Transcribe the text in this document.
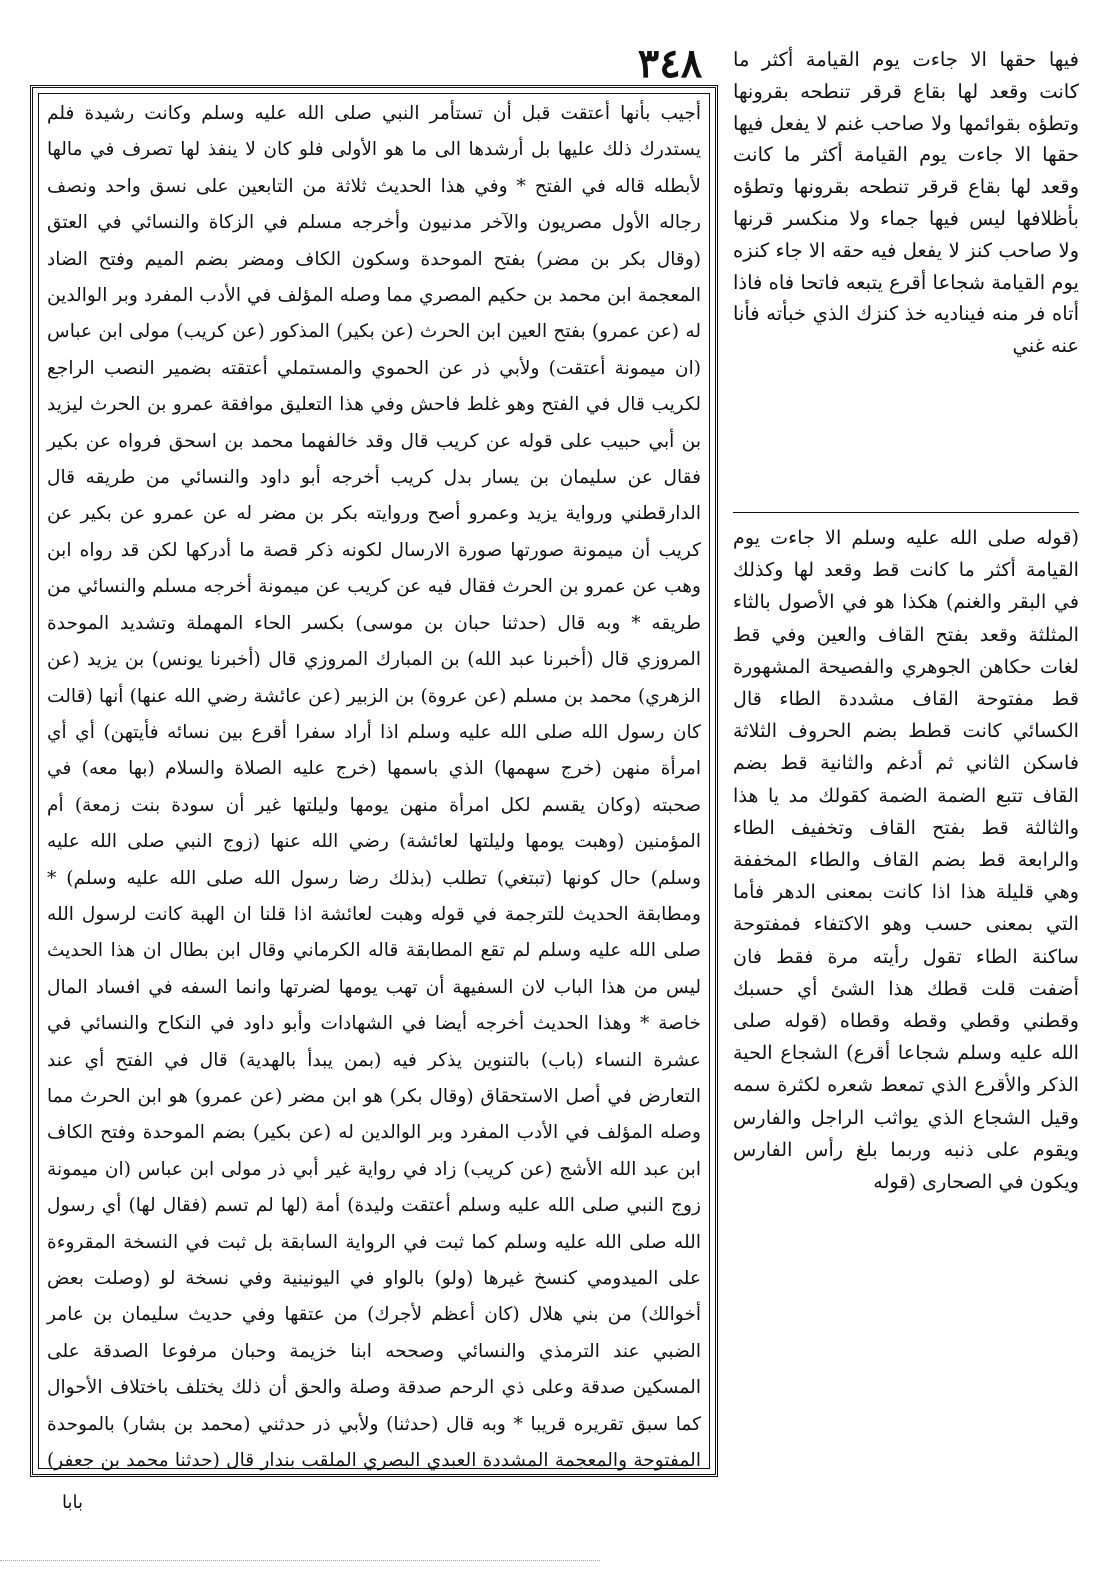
٣٤٨	فيها حقها الا جاءت يوم القيامة أكثر ما كانت وقعد لها بقاع قرقر تنطحه بقرونها وتطؤه بقوائمها ولا صاحب غنم لا يفعل فيها حقها الا جاءت يوم القيامة أكثر ما كانت وقعد لها بقاع قرقر تنطحه بقرونها وتطؤه بأظلافها ليس فيها جماء ولا منكسر قرنها ولا صاحب كنز لا يفعل فيه حقه الا جاء كنزه يوم القيامة شجاعا أقرع يتبعه فاتحا فاه فاذا أتاه فر منه فيناديه خذ كنزك الذي خبأته فأنا عنه غني
(قوله صلى الله عليه وسلم الا جاءت يوم القيامة أكثر ما كانت قط وقعد لها وكذلك في البقر والغنم) هكذا هو في الأصول بالثاء المثلثة وقعد بفتح القاف والعين وفي قط لغات حكاهن الجوهري والفصيحة المشهورة قط مفتوحة القاف مشددة الطاء قال الكسائي كانت قطط بضم الحروف الثلاثة فاسكن الثاني ثم أدغم والثانية قط بضم القاف تتبع الضمة الضمة كقولك مد يا هذا والثالثة قط بفتح القاف وتخفيف الطاء والرابعة قط بضم القاف والطاء المخففة وهي قليلة هذا اذا كانت بمعنى الدهر فأما التي بمعنى حسب وهو الاكتفاء فمفتوحة ساكنة الطاء تقول رأيته مرة فقط فان أضفت قلت قطك هذا الشئ أي حسبك وقطني وقطي وقطه وقطاه (قوله صلى الله عليه وسلم شجاعا أقرع) الشجاع الحية الذكر والأقرع الذي تمعط شعره لكثرة سمه وقيل الشجاع الذي يواثب الراجل والفارس ويقوم على ذنبه وربما بلغ رأس الفارس ويكون في الصحارى (قوله

أجيب بأنها أعتقت قبل أن تستأمر النبي صلى الله عليه وسلم وكانت رشيدة فلم يستدرك ذلك عليها بل أرشدها الى ما هو الأولى فلو كان لا ينفذ لها تصرف في مالها لأبطله قاله في الفتح * وفي هذا الحديث ثلاثة من التابعين على نسق واحد ونصف رجاله الأول مصريون والآخر مدنيون وأخرجه مسلم في الزكاة والنسائي في العتق (وقال بكر بن مضر) بفتح الموحدة وسكون الكاف ومضر بضم الميم وفتح الضاد المعجمة ابن محمد بن حكيم المصري مما وصله المؤلف في الأدب المفرد وبر الوالدين له (عن عمرو) بفتح العين ابن الحرث (عن بكير) المذكور (عن كريب) مولى ابن عباس (ان ميمونة أعتقت) ولأبي ذر عن الحموي والمستملي أعتقته بضمير النصب الراجع لكريب قال في الفتح وهو غلط فاحش وفي هذا التعليق موافقة عمرو بن الحرث ليزيد بن أبي حبيب على قوله عن كريب قال وقد خالفهما محمد بن اسحق فرواه عن بكير فقال عن سليمان بن يسار بدل كريب أخرجه أبو داود والنسائي من طريقه قال الدارقطني ورواية يزيد وعمرو أصح وروايته بكر بن مضر له عن عمرو عن بكير عن كريب أن ميمونة صورتها صورة الارسال لكونه ذكر قصة ما أدركها لكن قد رواه ابن وهب عن عمرو بن الحرث فقال فيه عن كريب عن ميمونة أخرجه مسلم والنسائي من طريقه * وبه قال (حدثنا حبان بن موسى) بكسر الحاء المهملة وتشديد الموحدة المروزي قال (أخبرنا عبد الله) بن المبارك المروزي قال (أخبرنا يونس) بن يزيد (عن الزهري) محمد بن مسلم (عن عروة) بن الزبير (عن عائشة رضي الله عنها) أنها (قالت كان رسول الله صلى الله عليه وسلم اذا أراد سفرا أقرع بين نسائه فأيتهن) أي أي امرأة منهن (خرج سهمها) الذي باسمها (خرج عليه الصلاة والسلام (بها معه) في صحبته (وكان يقسم لكل امرأة منهن يومها وليلتها غير أن سودة بنت زمعة) أم المؤمنين (وهبت يومها وليلتها لعائشة) رضي الله عنها (زوج النبي صلى الله عليه وسلم) حال كونها (تبتغي) تطلب (بذلك رضا رسول الله صلى الله عليه وسلم) * ومطابقة الحديث للترجمة في قوله وهبت لعائشة اذا قلنا ان الهبة كانت لرسول الله صلى الله عليه وسلم لم تقع المطابقة قاله الكرماني وقال ابن بطال ان هذا الحديث ليس من هذا الباب لان السفيهة أن تهب يومها لضرتها وانما السفه في افساد المال خاصة * وهذا الحديث أخرجه أيضا في الشهادات وأبو داود في النكاح والنسائي في عشرة النساء (باب) بالتنوين يذكر فيه (بمن يبدأ بالهدية) قال في الفتح أي عند التعارض في أصل الاستحقاق (وقال بكر) هو ابن مضر (عن عمرو) هو ابن الحرث مما وصله المؤلف في الأدب المفرد وبر الوالدين له (عن بكير) بضم الموحدة وفتح الكاف ابن عبد الله الأشج (عن كريب) زاد في رواية غير أبي ذر مولى ابن عباس (ان ميمونة زوج النبي صلى الله عليه وسلم أعتقت وليدة) أمة (لها لم تسم (فقال لها) أي رسول الله صلى الله عليه وسلم كما ثبت في الرواية السابقة بل ثبت في النسخة المقروءة على الميدومي كنسخ غيرها (ولو) بالواو في اليونينية وفي نسخة لو (وصلت بعض أخوالك) من بني هلال (كان أعظم لأجرك) من عتقها وفي حديث سليمان بن عامر الضبي عند الترمذي والنسائي وصححه ابنا خزيمة وحبان مرفوعا الصدقة على المسكين صدقة وعلى ذي الرحم صدقة وصلة والحق أن ذلك يختلف باختلاف الأحوال كما سبق تقريره قريبا * وبه قال (حدثنا) ولأبي ذر حدثني (محمد بن بشار) بالموحدة المفتوحة والمعجمة المشددة العبدي البصري الملقب بندار قال (حدثنا محمد بن جعفر)

بابا
